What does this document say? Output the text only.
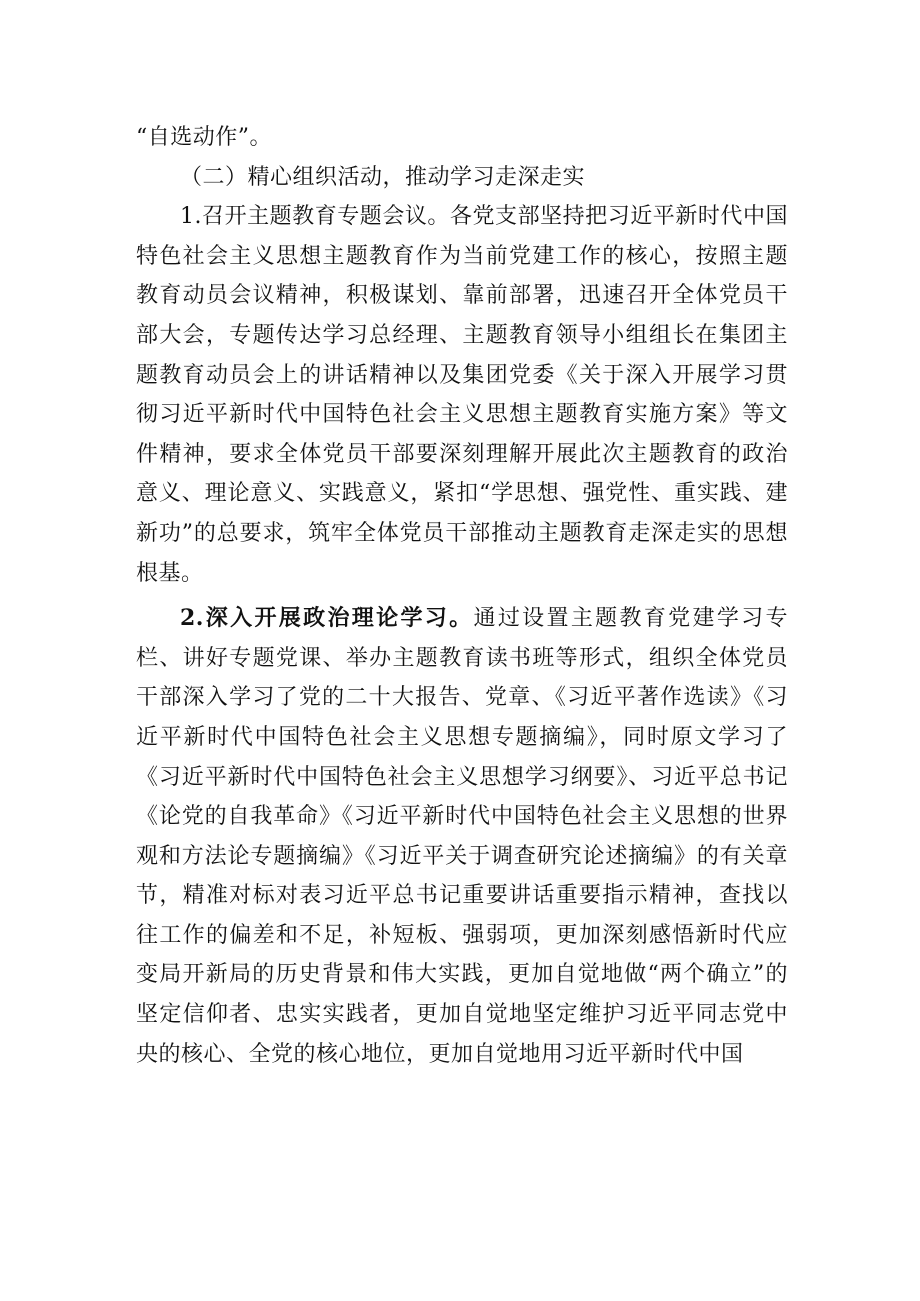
“自选动作”。

（二）精心组织活动，推动学习走深走实

1.召开主题教育专题会议。各党支部坚持把习近平新时代中国特色社会主义思想主题教育作为当前党建工作的核心，按照主题教育动员会议精神，积极谋划、靠前部署，迅速召开全体党员干部大会，专题传达学习总经理、主题教育领导小组组长在集团主题教育动员会上的讲话精神以及集团党委《关于深入开展学习贯彻习近平新时代中国特色社会主义思想主题教育实施方案》等文件精神，要求全体党员干部要深刻理解开展此次主题教育的政治意义、理论意义、实践意义，紧扣“学思想、强党性、重实践、建新功”的总要求，筑牢全体党员干部推动主题教育走深走实的思想根基。

2.深入开展政治理论学习。通过设置主题教育党建学习专栏、讲好专题党课、举办主题教育读书班等形式，组织全体党员干部深入学习了党的二十大报告、党章、《习近平著作选读》《习近平新时代中国特色社会主义思想专题摘编》，同时原文学习了《习近平新时代中国特色社会主义思想学习纲要》、习近平总书记《论党的自我革命》《习近平新时代中国特色社会主义思想的世界观和方法论专题摘编》《习近平关于调查研究论述摘编》的有关章节，精准对标对表习近平总书记重要讲话重要指示精神，查找以往工作的偏差和不足，补短板、强弱项，更加深刻感悟新时代应变局开新局的历史背景和伟大实践，更加自觉地做“两个确立”的坚定信仰者、忠实实践者，更加自觉地坚定维护习近平同志党中央的核心、全党的核心地位，更加自觉地用习近平新时代中国
